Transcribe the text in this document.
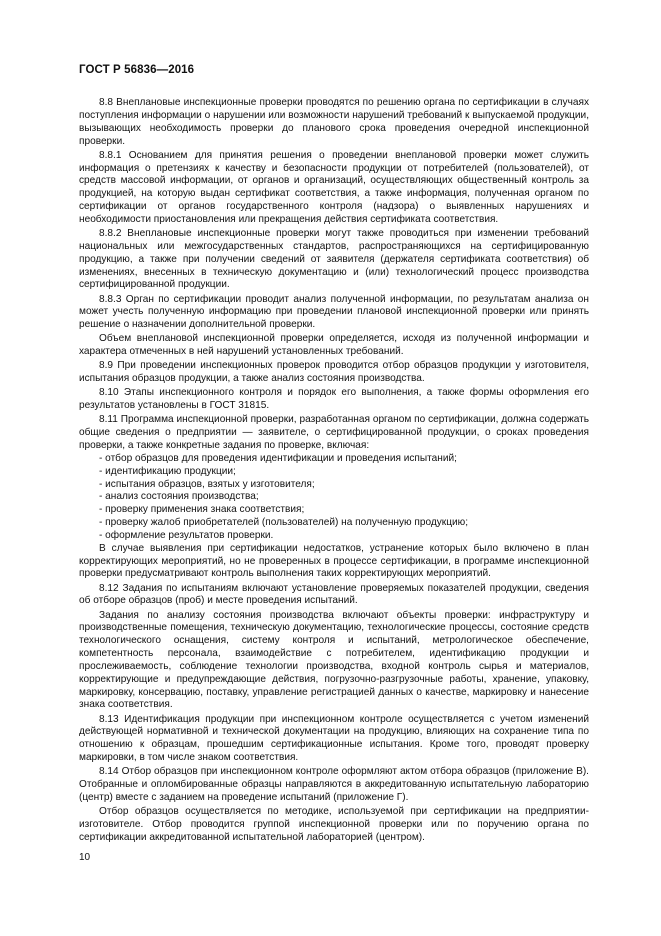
ГОСТ Р 56836—2016

8.8 Внеплановые инспекционные проверки проводятся по решению органа по сертификации в случаях поступления информации о нарушении или возможности нарушений требований к выпускаемой продукции, вызывающих необходимость проверки до планового срока проведения очередной инспекционной проверки.

8.8.1 Основанием для принятия решения о проведении внеплановой проверки может служить информация о претензиях к качеству и безопасности продукции от потребителей (пользователей), от средств массовой информации, от органов и организаций, осуществляющих общественный контроль за продукцией, на которую выдан сертификат соответствия, а также информация, полученная органом по сертификации от органов государственного контроля (надзора) о выявленных нарушениях и необходимости приостановления или прекращения действия сертификата соответствия.

8.8.2 Внеплановые инспекционные проверки могут также проводиться при изменении требований национальных или межгосударственных стандартов, распространяющихся на сертифицированную продукцию, а также при получении сведений от заявителя (держателя сертификата соответствия) об изменениях, внесенных в техническую документацию и (или) технологический процесс производства сертифицированной продукции.

8.8.3 Орган по сертификации проводит анализ полученной информации, по результатам анализа он может учесть полученную информацию при проведении плановой инспекционной проверки или принять решение о назначении дополнительной проверки.

Объем внеплановой инспекционной проверки определяется, исходя из полученной информации и характера отмеченных в ней нарушений установленных требований.

8.9 При проведении инспекционных проверок проводится отбор образцов продукции у изготовителя, испытания образцов продукции, а также анализ состояния производства.

8.10 Этапы инспекционного контроля и порядок его выполнения, а также формы оформления его результатов установлены в ГОСТ 31815.

8.11 Программа инспекционной проверки, разработанная органом по сертификации, должна содержать общие сведения о предприятии — заявителе, о сертифицированной продукции, о сроках проведения проверки, а также конкретные задания по проверке, включая:

- отбор образцов для проведения идентификации и проведения испытаний;
- идентификацию продукции;
- испытания образцов, взятых у изготовителя;
- анализ состояния производства;
- проверку применения знака соответствия;
- проверку жалоб приобретателей (пользователей) на полученную продукцию;
- оформление результатов проверки.

В случае выявления при сертификации недостатков, устранение которых было включено в план корректирующих мероприятий, но не проверенных в процессе сертификации, в программе инспекционной проверки предусматривают контроль выполнения таких корректирующих мероприятий.

8.12 Задания по испытаниям включают установление проверяемых показателей продукции, сведения об отборе образцов (проб) и месте проведения испытаний.

Задания по анализу состояния производства включают объекты проверки: инфраструктуру и производственные помещения, техническую документацию, технологические процессы, состояние средств технологического оснащения, систему контроля и испытаний, метрологическое обеспечение, компетентность персонала, взаимодействие с потребителем, идентификацию продукции и прослеживаемость, соблюдение технологии производства, входной контроль сырья и материалов, корректирующие и предупреждающие действия, погрузочно-разгрузочные работы, хранение, упаковку, маркировку, консервацию, поставку, управление регистрацией данных о качестве, маркировку и нанесение знака соответствия.

8.13 Идентификация продукции при инспекционном контроле осуществляется с учетом изменений действующей нормативной и технической документации на продукцию, влияющих на сохранение типа по отношению к образцам, прошедшим сертификационные испытания. Кроме того, проводят проверку маркировки, в том числе знаком соответствия.

8.14 Отбор образцов при инспекционном контроле оформляют актом отбора образцов (приложение В). Отобранные и опломбированные образцы направляются в аккредитованную испытательную лабораторию (центр) вместе с заданием на проведение испытаний (приложение Г).

Отбор образцов осуществляется по методике, используемой при сертификации на предприятии-изготовителе. Отбор проводится группой инспекционной проверки или по поручению органа по сертификации аккредитованной испытательной лабораторией (центром).

10
